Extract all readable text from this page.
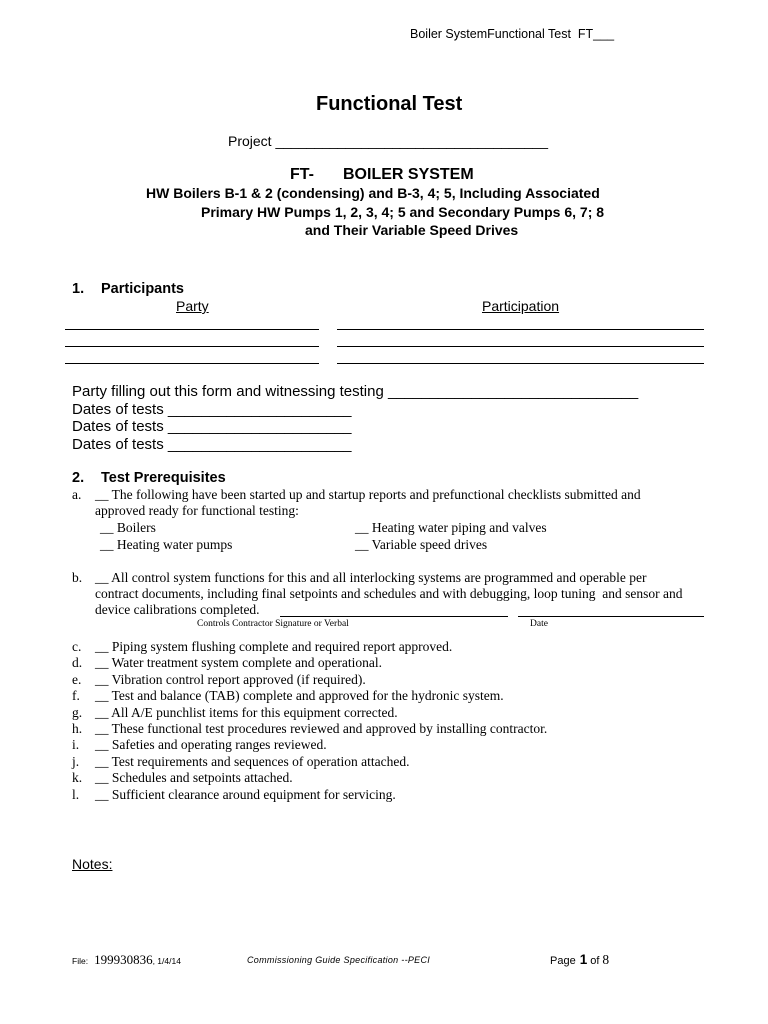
Boiler SystemFunctional Test  FT___
Functional Test
Project ___________________________________
FT- BOILER SYSTEM
HW Boilers B-1 & 2 (condensing) and B-3, 4; 5, Including Associated
Primary HW Pumps 1, 2, 3, 4; 5 and Secondary Pumps 6, 7; 8
and Their Variable Speed Drives
1. Participants
Party	Participation
Party filling out this form and witnessing testing ______________________________
Dates of tests ______________________
Dates of tests ______________________
Dates of tests ______________________
2. Test Prerequisites
a. __ The following have been started up and startup reports and prefunctional checklists submitted and
approved ready for functional testing:
__ Boilers	__ Heating water piping and valves
__ Heating water pumps	__ Variable speed drives
b. __ All control system functions for this and all interlocking systems are programmed and operable per
contract documents, including final setpoints and schedules and with debugging, loop tuning  and sensor and
device calibrations completed.
Controls Contractor Signature or Verbal	Date
c. __ Piping system flushing complete and required report approved.
d. __ Water treatment system complete and operational.
e. __ Vibration control report approved (if required).
f. __ Test and balance (TAB) complete and approved for the hydronic system.
g. __ All A/E punchlist items for this equipment corrected.
h. __ These functional test procedures reviewed and approved by installing contractor.
i. __ Safeties and operating ranges reviewed.
j. __ Test requirements and sequences of operation attached.
k. __ Schedules and setpoints attached.
l. __ Sufficient clearance around equipment for servicing.
Notes:
File: 199930836, 1/4/14	Commissioning Guide Specification --PECI	Page 1 of 8
